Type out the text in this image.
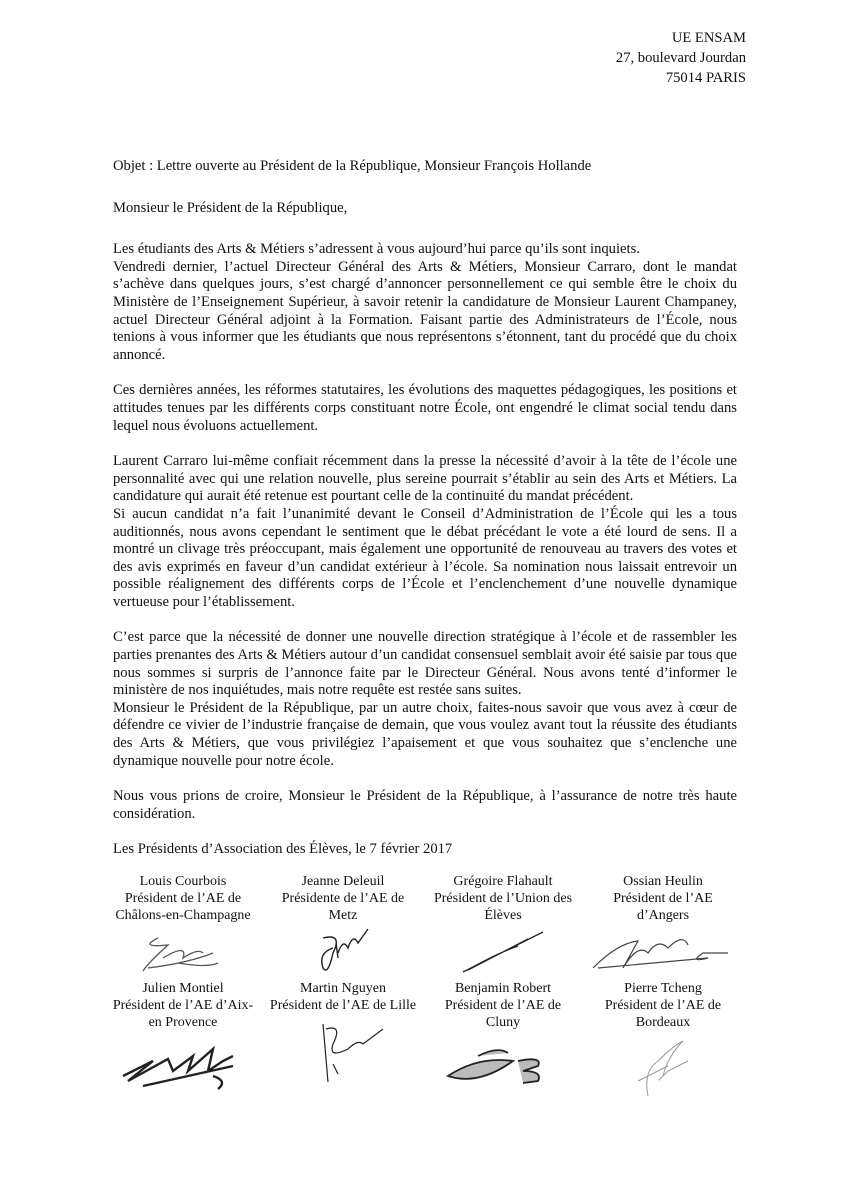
UE ENSAM
27, boulevard Jourdan
75014 PARIS

Objet : Lettre ouverte au Président de la République, Monsieur François Hollande

Monsieur le Président de la République,

Les étudiants des Arts & Métiers s’adressent à vous aujourd’hui parce qu’ils sont inquiets.

Vendredi dernier, l’actuel Directeur Général des Arts & Métiers, Monsieur Carraro, dont le mandat s’achève dans quelques jours, s’est chargé d’annoncer personnellement ce qui semble être le choix du Ministère de l’Enseignement Supérieur, à savoir retenir la candidature de Monsieur Laurent Champaney, actuel Directeur Général adjoint à la Formation. Faisant partie des Administrateurs de l’École, nous tenions à vous informer que les étudiants que nous représentons s’étonnent, tant du procédé que du choix annoncé.

Ces dernières années, les réformes statutaires, les évolutions des maquettes pédagogiques, les positions et attitudes tenues par les différents corps constituant notre École, ont engendré le climat social tendu dans lequel nous évoluons actuellement.

Laurent Carraro lui-même confiait récemment dans la presse la nécessité d’avoir à la tête de l’école une personnalité avec qui une relation nouvelle, plus sereine pourrait s’établir au sein des Arts et Métiers. La candidature qui aurait été retenue est pourtant celle de la continuité du mandat précédent.

Si aucun candidat n’a fait l’unanimité devant le Conseil d’Administration de l’École qui les a tous auditionnés, nous avons cependant le sentiment que le débat précédant le vote a été lourd de sens. Il a montré un clivage très préoccupant, mais également une opportunité de renouveau au travers des votes et des avis exprimés en faveur d’un candidat extérieur à l’école. Sa nomination nous laissait entrevoir un possible réalignement des différents corps de l’École et l’enclenchement d’une nouvelle dynamique vertueuse pour l’établissement.

C’est parce que la nécessité de donner une nouvelle direction stratégique à l’école et de rassembler les parties prenantes des Arts & Métiers autour d’un candidat consensuel semblait avoir été saisie par tous que nous sommes si surpris de l’annonce faite par le Directeur Général. Nous avons tenté d’informer le ministère de nos inquiétudes, mais notre requête est restée sans suites.

Monsieur le Président de la République, par un autre choix, faites-nous savoir que vous avez à cœur de défendre ce vivier de l’industrie française de demain, que vous voulez avant tout la réussite des étudiants des Arts & Métiers, que vous privilégiez l’apaisement et que vous souhaitez que s’enclenche une dynamique nouvelle pour notre école.

Nous vous prions de croire, Monsieur le Président de la République, à l’assurance de notre très haute considération.

Les Présidents d’Association des Élèves, le 7 février 2017

Louis Courbois
Président de l’AE de Châlons-en-Champagne
Jeanne Deleuil
Présidente de l’AE de Metz
Grégoire Flahault
Président de l’Union des Élèves
Ossian Heulin
Président de l’AE d’Angers
Julien Montiel
Président de l’AE d’Aix-en Provence
Martin Nguyen
Président de l’AE de Lille
Benjamin Robert
Président de l’AE de Cluny
Pierre Tcheng
Président de l’AE de Bordeaux
